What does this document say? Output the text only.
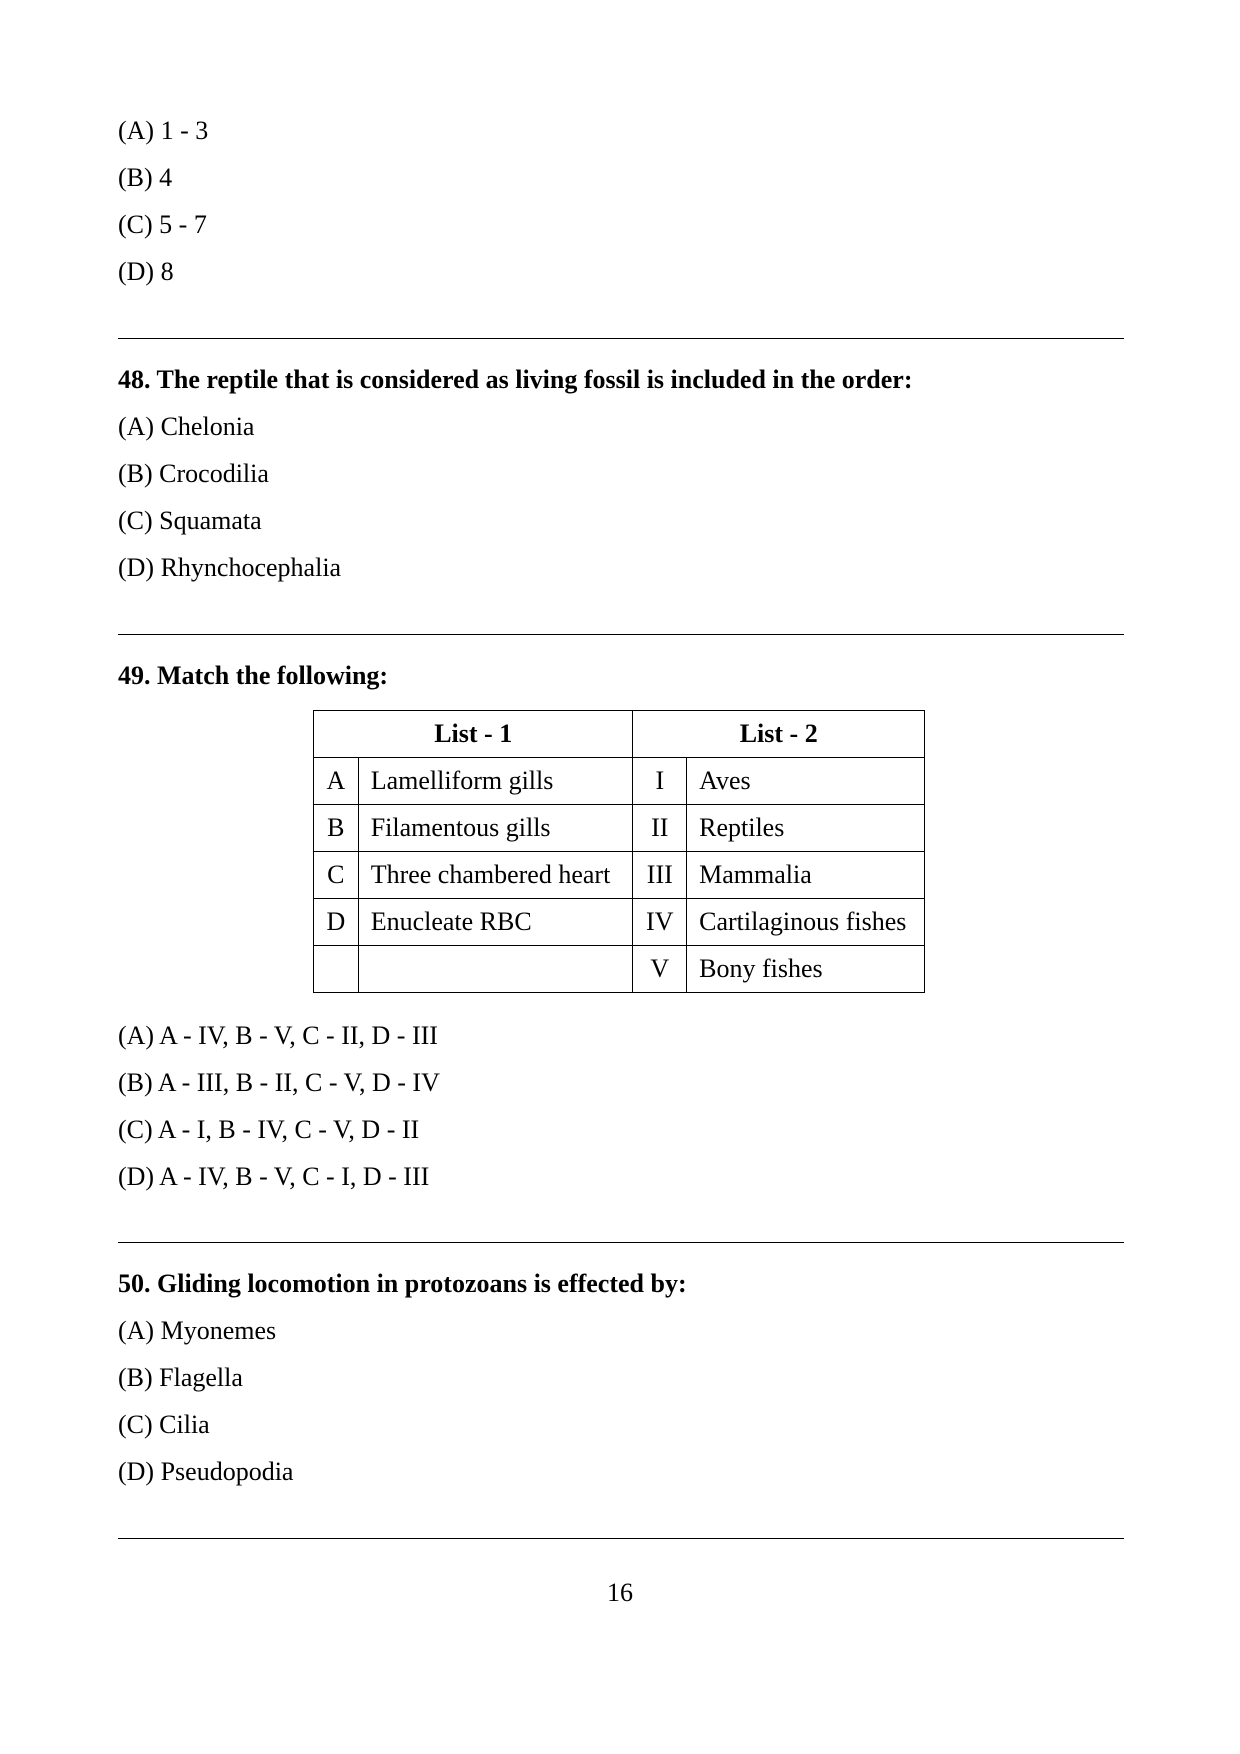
(A) 1 - 3
(B) 4
(C) 5 - 7
(D) 8
48. The reptile that is considered as living fossil is included in the order:
(A) Chelonia
(B) Crocodilia
(C) Squamata
(D) Rhynchocephalia
49. Match the following:
List - 1		List - 2	
A	Lamelliform gills	I	Aves
B	Filamentous gills	II	Reptiles
C	Three chambered heart	III	Mammalia
D	Enucleate RBC	IV	Cartilaginous fishes
		V	Bony fishes
(A) A - IV, B - V, C - II, D - III
(B) A - III, B - II, C - V, D - IV
(C) A - I, B - IV, C - V, D - II
(D) A - IV, B - V, C - I, D - III
50. Gliding locomotion in protozoans is effected by:
(A) Myonemes
(B) Flagella
(C) Cilia
(D) Pseudopodia
16
